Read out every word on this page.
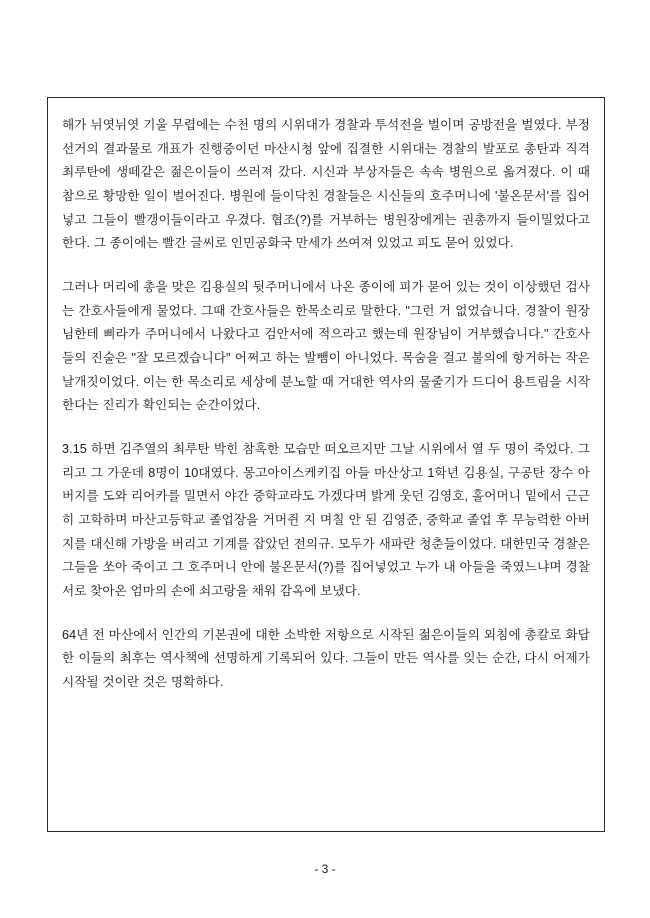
해가 뉘엿뉘엿 기울 무렵에는 수천 명의 시위대가 경찰과 투석전을 벌이며 공방전을 벌였다. 부정선거의 결과물로 개표가 진행중이던 마산시청 앞에 집결한 시위대는 경찰의 발포로 총탄과 직격 최루탄에 생떼같은 젊은이들이 쓰러져 갔다. 시신과 부상자들은 속속 병원으로 옮겨졌다. 이 때 참으로 황망한 일이 벌어진다. 병원에 들이닥친 경찰들은 시신들의 호주머니에 '불온문서'를 집어넣고 그들이 빨갱이들이라고 우겼다. 협조(?)를 거부하는 병원장에게는 권총까지 들이밀었다고 한다. 그 종이에는 빨간 글씨로 인민공화국 만세가 쓰여져 있었고 피도 묻어 있었다.

그러나 머리에 총을 맞은 김용실의 뒷주머니에서 나온 종이에 피가 묻어 있는 것이 이상했던 검사는 간호사들에게 물었다. 그때 간호사들은 한목소리로 말한다. "그런 거 없었습니다. 경찰이 원장님한테 삐라가 주머니에서 나왔다고 검안서에 적으라고 했는데 원장님이 거부했습니다." 간호사들의 진술은 "잘 모르겠습니다" 어쩌고 하는 발뺌이 아니었다. 목숨을 걸고 불의에 항거하는 작은 날개짓이었다. 이는 한 목소리로 세상에 분노할 때 거대한 역사의 물줄기가 드디어 용트림을 시작한다는 진리가 확인되는 순간이었다.

3.15 하면 김주열의 최루탄 박힌 참혹한 모습만 떠오르지만 그날 시위에서 열 두 명이 죽었다. 그리고 그 가운데 8명이 10대였다. 몽고아이스케키집 아들 마산상고 1학년 김용실, 구공탄 장수 아버지를 도와 리어카를 밀면서 야간 중학교라도 가겠다며 밝게 웃던 김영호, 홀어머니 밑에서 근근히 고학하며 마산고등학교 졸업장을 거머쥔 지 며칠 안 된 김영준, 중학교 졸업 후 무능력한 아버지를 대신해 가방을 버리고 기계를 잡았던 전의규. 모두가 새파란 청춘들이었다. 대한민국 경찰은 그들을 쏘아 죽이고 그 호주머니 안에 불온문서(?)를 집어넣었고 누가 내 아들을 죽였느냐며 경찰서로 찾아온 엄마의 손에 쇠고랑을 채워 감옥에 보냈다.

64년 전 마산에서 인간의 기본권에 대한 소박한 저항으로 시작된 젊은이들의 외침에 총칼로 화답한 이들의 최후는 역사책에 선명하게 기록되어 있다. 그들이 만든 역사를 잊는 순간, 다시 어제가 시작될 것이란 것은 명확하다.

- 3 -
